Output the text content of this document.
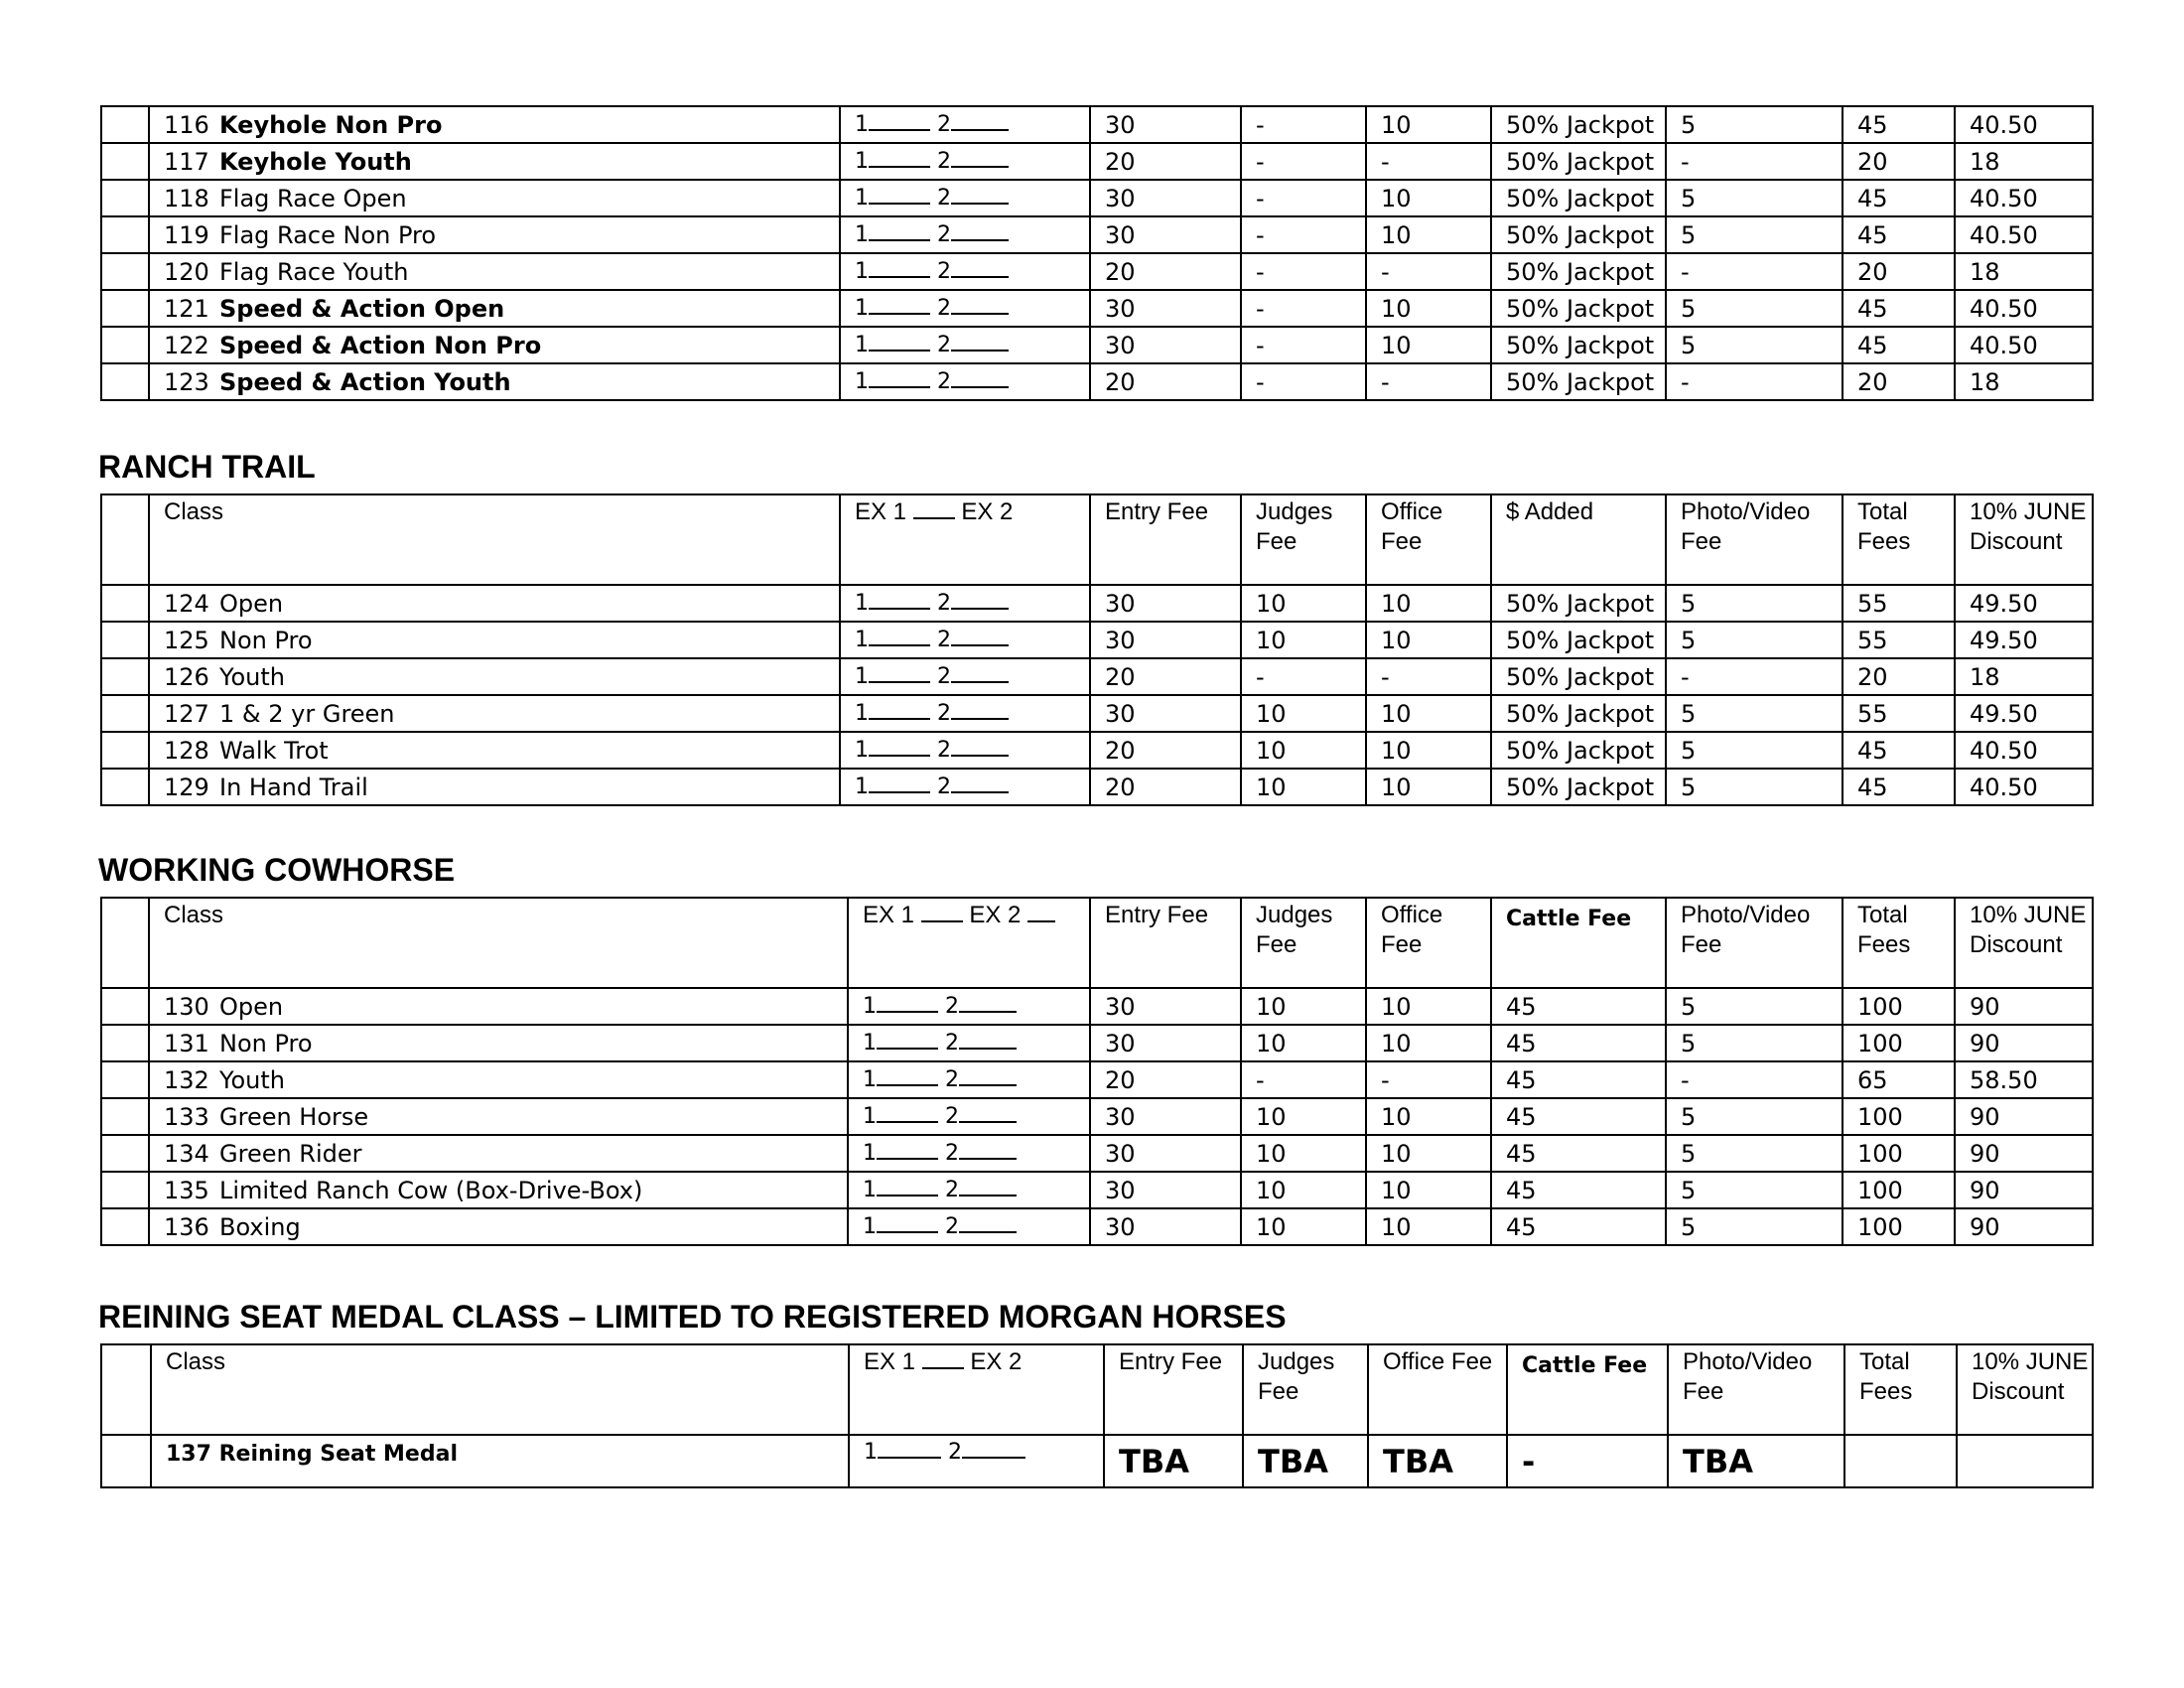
	116 Keyhole Non Pro	1 2	30	-	10	50% Jackpot	5	45	40.50
	117 Keyhole Youth	1 2	20	-	-	50% Jackpot	-	20	18
	118 Flag Race Open	1 2	30	-	10	50% Jackpot	5	45	40.50
	119 Flag Race Non Pro	1 2	30	-	10	50% Jackpot	5	45	40.50
	120 Flag Race Youth	1 2	20	-	-	50% Jackpot	-	20	18
	121 Speed & Action Open	1 2	30	-	10	50% Jackpot	5	45	40.50
	122 Speed & Action Non Pro	1 2	30	-	10	50% Jackpot	5	45	40.50
	123 Speed & Action Youth	1 2	20	-	-	50% Jackpot	-	20	18
RANCH TRAIL
	Class	EX 1 EX 2	Entry Fee	Judges Fee	Office Fee	$ Added	Photo/Video Fee	Total Fees	10% JUNE Discount
	124 Open	1 2	30	10	10	50% Jackpot	5	55	49.50
	125 Non Pro	1 2	30	10	10	50% Jackpot	5	55	49.50
	126 Youth	1 2	20	-	-	50% Jackpot	-	20	18
	127 1 & 2 yr Green	1 2	30	10	10	50% Jackpot	5	55	49.50
	128 Walk Trot	1 2	20	10	10	50% Jackpot	5	45	40.50
	129 In Hand Trail	1 2	20	10	10	50% Jackpot	5	45	40.50
WORKING COWHORSE
	Class	EX 1 EX 2	Entry Fee	Judges Fee	Office Fee	Cattle Fee	Photo/Video Fee	Total Fees	10% JUNE Discount
	130 Open	1 2	30	10	10	45	5	100	90
	131 Non Pro	1 2	30	10	10	45	5	100	90
	132 Youth	1 2	20	-	-	45	-	65	58.50
	133 Green Horse	1 2	30	10	10	45	5	100	90
	134 Green Rider	1 2	30	10	10	45	5	100	90
	135 Limited Ranch Cow (Box-Drive-Box)	1 2	30	10	10	45	5	100	90
	136 Boxing	1 2	30	10	10	45	5	100	90
REINING SEAT MEDAL CLASS – LIMITED TO REGISTERED MORGAN HORSES
	Class	EX 1 EX 2	Entry Fee	Judges Fee	Office Fee	Cattle Fee	Photo/Video Fee	Total Fees	10% JUNE Discount
	137 Reining Seat Medal	1 2	TBA	TBA	TBA	-	TBA		
